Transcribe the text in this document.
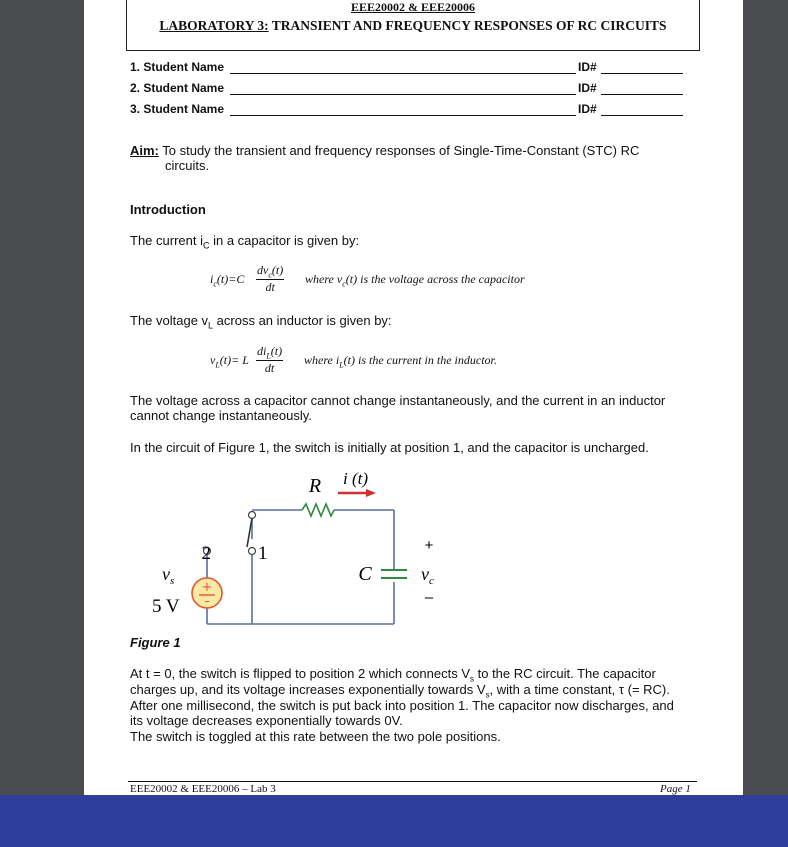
EEE20002 & EEE20006
LABORATORY 3: TRANSIENT AND FREQUENCY RESPONSES OF RC CIRCUITS
1. Student Name	ID#
2. Student Name	ID#
3. Student Name	ID#
Aim: To study the transient and frequency responses of Single-Time-Constant (STC) RC
circuits.
Introduction
The current $i_C$ in a capacitor is given by:
$i_c(t)=C$
$dv_c(t)$
dt
where $v_c(t)$ is the voltage across the capacitor
The voltage $v_L$ across an inductor is given by:
$v_L(t)= L$
$di_L(t)$
dt
where $i_L(t)$ is the current in the inductor.
The voltage across a capacitor cannot change instantaneously, and the current in an inductor
cannot change instantaneously.
In the circuit of Figure 1, the switch is initially at position 1, and the capacitor is uncharged.
+
–
R i (t)
2 1
$v_s$
5 V
C
+
$v_c$
–
Figure 1
At t = 0, the switch is flipped to position 2 which connects $V_s$ to the RC circuit. The capacitor
charges up, and its voltage increases exponentially towards $V_s$, with a time constant, τ (= RC).
After one millisecond, the switch is put back into position 1. The capacitor now discharges, and
its voltage decreases exponentially towards 0V.
The switch is toggled at this rate between the two pole positions.
EEE20002 & EEE20006 – Lab 3	Page 1
